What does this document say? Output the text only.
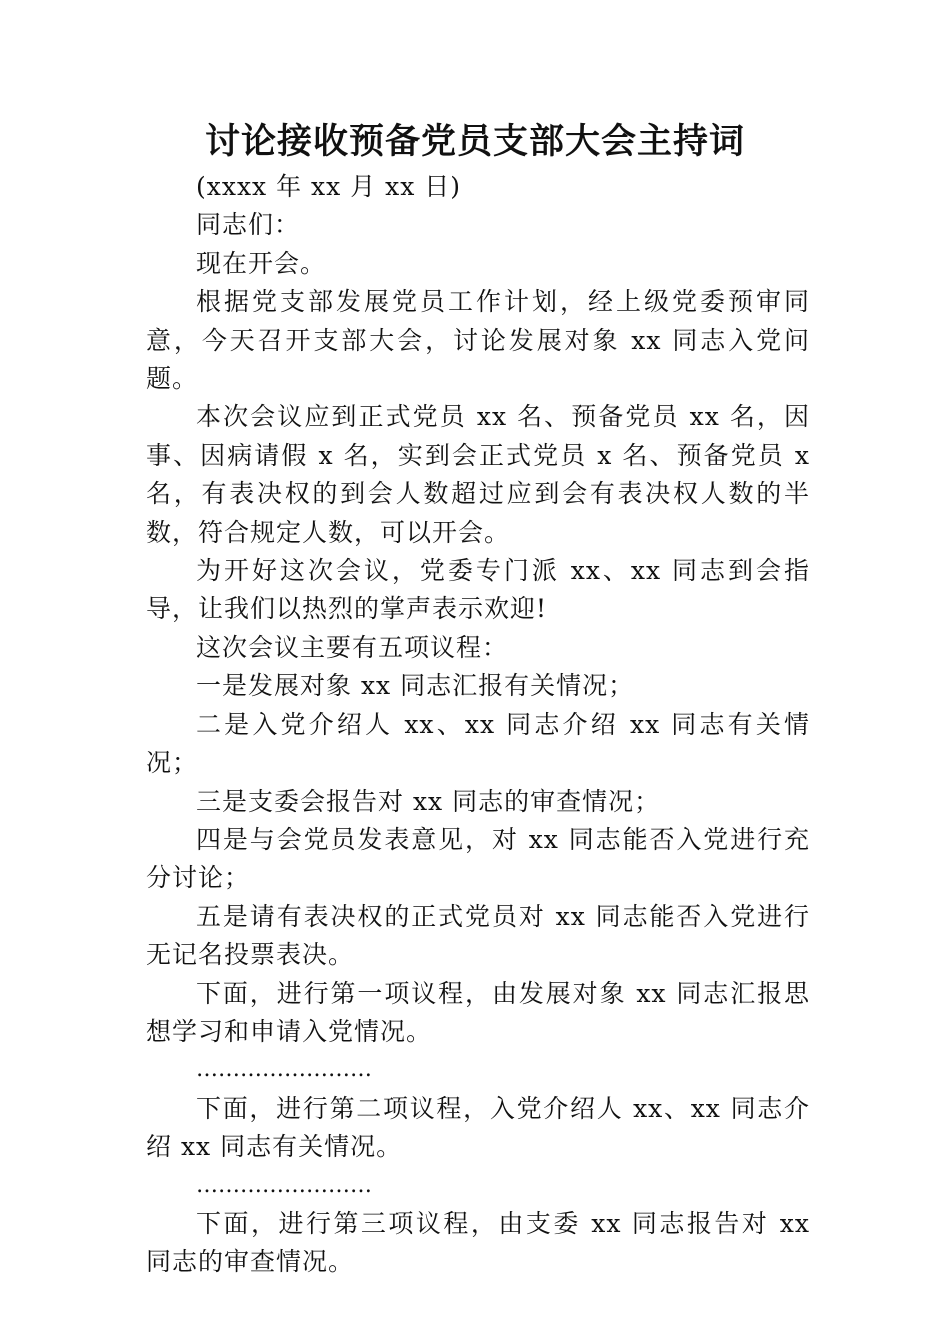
讨论接收预备党员支部大会主持词

(xxxx 年 xx 月 xx 日)

同志们：

现在开会。

根据党支部发展党员工作计划，经上级党委预审同意，今天召开支部大会，讨论发展对象 xx 同志入党问题。

本次会议应到正式党员 xx 名、预备党员 xx 名，因事、因病请假 x 名，实到会正式党员 x 名、预备党员 x 名，有表决权的到会人数超过应到会有表决权人数的半数，符合规定人数，可以开会。

为开好这次会议，党委专门派 xx、xx 同志到会指导，让我们以热烈的掌声表示欢迎!

这次会议主要有五项议程：

一是发展对象 xx 同志汇报有关情况；

二是入党介绍人 xx、xx 同志介绍 xx 同志有关情况；

三是支委会报告对 xx 同志的审查情况；

四是与会党员发表意见，对 xx 同志能否入党进行充分讨论；

五是请有表决权的正式党员对 xx 同志能否入党进行无记名投票表决。

下面，进行第一项议程，由发展对象 xx 同志汇报思想学习和申请入党情况。

……………………

下面，进行第二项议程，入党介绍人 xx、xx 同志介绍 xx 同志有关情况。

……………………

下面，进行第三项议程，由支委 xx 同志报告对 xx 同志的审查情况。
